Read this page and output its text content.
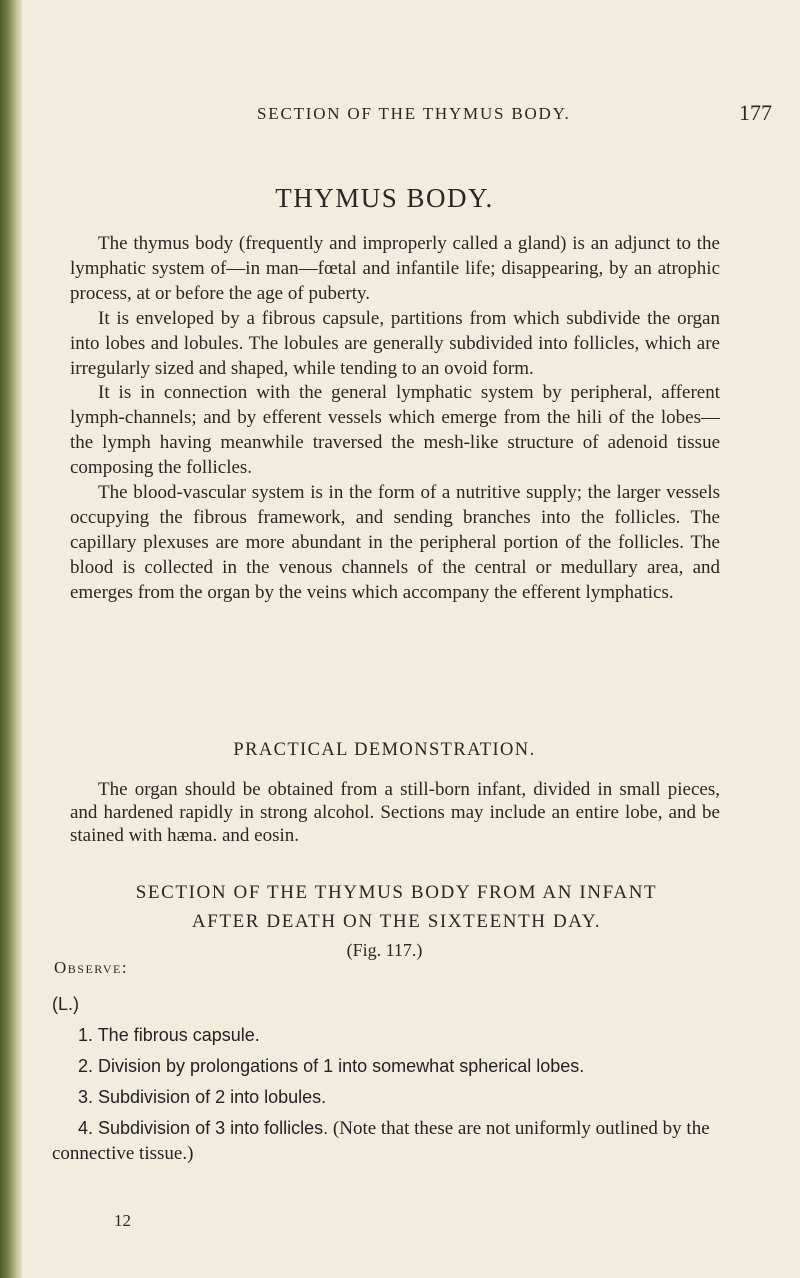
SECTION OF THE THYMUS BODY.	177
THYMUS BODY.

The thymus body (frequently and improperly called a gland) is an adjunct to the lymphatic system of—in man—fœtal and infantile life; disappearing, by an atrophic process, at or before the age of puberty.

It is enveloped by a fibrous capsule, partitions from which subdivide the organ into lobes and lobules. The lobules are generally subdivided into follicles, which are irregularly sized and shaped, while tending to an ovoid form.

It is in connection with the general lymphatic system by peripheral, afferent lymph-channels; and by efferent vessels which emerge from the hili of the lobes—the lymph having meanwhile traversed the mesh-like structure of adenoid tissue composing the follicles.

The blood-vascular system is in the form of a nutritive supply; the larger vessels occupying the fibrous framework, and sending branches into the follicles. The capillary plexuses are more abundant in the peripheral portion of the follicles. The blood is collected in the venous channels of the central or medullary area, and emerges from the organ by the veins which accompany the efferent lymphatics.

PRACTICAL DEMONSTRATION.

The organ should be obtained from a still-born infant, divided in small pieces, and hardened rapidly in strong alcohol. Sections may include an entire lobe, and be stained with hæma. and eosin.

SECTION OF THE THYMUS BODY FROM AN INFANT
AFTER DEATH ON THE SIXTEENTH DAY.
(Fig. 117.)
Observe:
(L.)
1. The fibrous capsule.
2. Division by prolongations of 1 into somewhat spherical lobes.
3. Subdivision of 2 into lobules.
4. Subdivision of 3 into follicles. (Note that these are not uniformly outlined by the connective tissue.)
12
